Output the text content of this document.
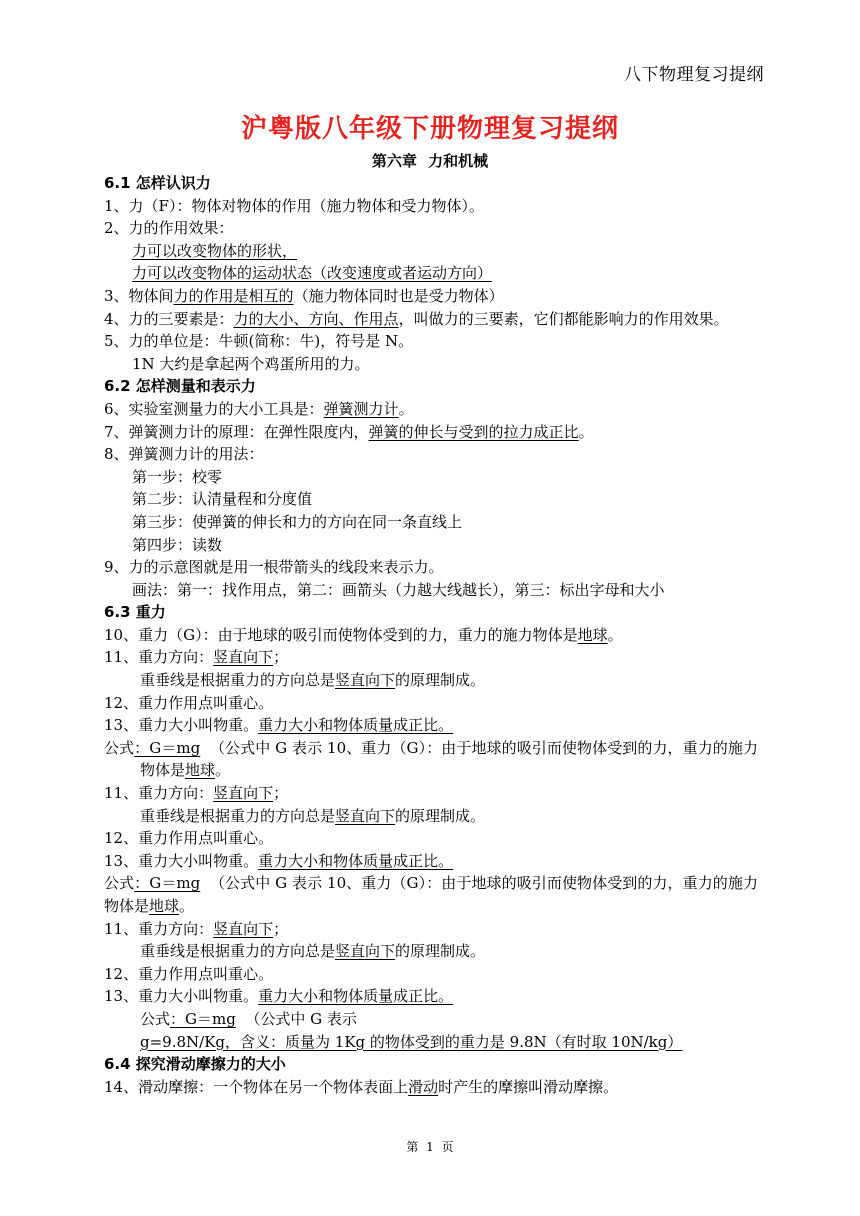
八下物理复习提纲
沪粤版八年级下册物理复习提纲
第六章 力和机械
6.1 怎样认识力
1、力（F）：物体对物体的作用（施力物体和受力物体）。
2、力的作用效果：
力可以改变物体的形状，
力可以改变物体的运动状态（改变速度或者运动方向）
3、物体间力的作用是相互的（施力物体同时也是受力物体）
4、力的三要素是：力的大小、方向、作用点，叫做力的三要素，它们都能影响力的作用效果。
5、力的单位是：牛顿(简称：牛)，符号是 N。
1N 大约是拿起两个鸡蛋所用的力。
6.2 怎样测量和表示力
6、实验室测量力的大小工具是：弹簧测力计。
7、弹簧测力计的原理：在弹性限度内，弹簧的伸长与受到的拉力成正比。
8、弹簧测力计的用法：
第一步：校零
第二步：认清量程和分度值
第三步：使弹簧的伸长和力的方向在同一条直线上
第四步：读数
9、力的示意图就是用一根带箭头的线段来表示力。
画法：第一：找作用点，第二：画箭头（力越大线越长），第三：标出字母和大小
6.3 重力
10、重力（G）：由于地球的吸引而使物体受到的力，重力的施力物体是地球。
11、重力方向：竖直向下；
重垂线是根据重力的方向总是竖直向下的原理制成。
12、重力作用点叫重心。
13、重力大小叫物重。重力大小和物体质量成正比。
公式：G＝mg （公式中 G 表示 10、重力（G）：由于地球的吸引而使物体受到的力，重力的施力物体是地球。
11、重力方向：竖直向下；
重垂线是根据重力的方向总是竖直向下的原理制成。
12、重力作用点叫重心。
13、重力大小叫物重。重力大小和物体质量成正比。
公式：G＝mg （公式中 G 表示 10、重力（G）：由于地球的吸引而使物体受到的力，重力的施力物体是地球。
11、重力方向：竖直向下；
重垂线是根据重力的方向总是竖直向下的原理制成。
12、重力作用点叫重心。
13、重力大小叫物重。重力大小和物体质量成正比。
公式：G＝mg （公式中 G 表示
g=9.8N/Kg，含义：质量为 1Kg 的物体受到的重力是 9.8N（有时取 10N/kg）
6.4 探究滑动摩擦力的大小
14、滑动摩擦：一个物体在另一个物体表面上滑动时产生的摩擦叫滑动摩擦。
第 1 页
